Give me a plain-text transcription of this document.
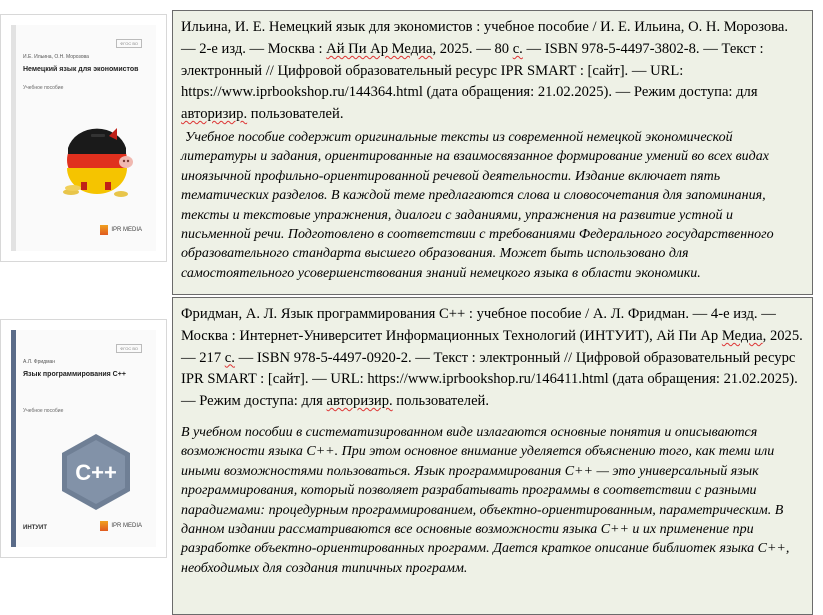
ФГОС ВО
И.Е. Ильина, О.Н. Морозова
Немецкий язык для экономистов
Учебное пособие
IPR MEDIA

Ильина, И. Е. Немецкий язык для экономистов : учебное пособие / И. Е. Ильина, О. Н. Морозова. — 2-е изд. — Москва : Ай Пи Ар Медиа, 2025. — 80 с. — ISBN 978-5-4497-3802-8. — Текст : электронный // Цифровой образовательный ресурс IPR SMART : [сайт]. — URL: https://www.iprbookshop.ru/144364.html (дата обращения: 21.02.2025). — Режим доступа: для авторизир. пользователей.

Учебное пособие содержит оригинальные тексты из современной немецкой экономической литературы и задания, ориентированные на взаимосвязанное формирование умений во всех видах иноязычной профильно-ориентированной речевой деятельности. Издание включает пять тематических разделов. В каждой теме предлагаются слова и словосочетания для запоминания, тексты и текстовые упражнения, диалоги с заданиями, упражнения на развитие устной и письменной речи. Подготовлено в соответствии с требованиями Федерального государственного образовательного стандарта высшего образования. Может быть использовано для самостоятельного усовершенствования знаний немецкого языка в области экономики.

ФГОС ВО
А.Л. Фридман
Язык программирования С++
Учебное пособие
C++
ИНТУИТ	IPR MEDIA

Фридман, А. Л. Язык программирования С++ : учебное пособие / А. Л. Фридман. — 4-е изд. — Москва : Интернет-Университет Информационных Технологий (ИНТУИТ), Ай Пи Ар Медиа, 2025. — 217 с. — ISBN 978-5-4497-0920-2. — Текст : электронный // Цифровой образовательный ресурс IPR SMART : [сайт]. — URL: https://www.iprbookshop.ru/146411.html (дата обращения: 21.02.2025). — Режим доступа: для авторизир. пользователей.

В учебном пособии в систематизированном виде излагаются основные понятия и описываются возможности языка С++. При этом основное внимание уделяется объяснению того, как теми или иными возможностями пользоваться. Язык программирования С++ — это универсальный язык программирования, который позволяет разрабатывать программы в соответствии с разными парадигмами: процедурным программированием, объектно-ориентированным, параметрическим. В данном издании рассматриваются все основные возможности языка С++ и их применение при разработке объектно-ориентированных программ. Дается краткое описание библиотек языка С++, необходимых для создания типичных программ.
